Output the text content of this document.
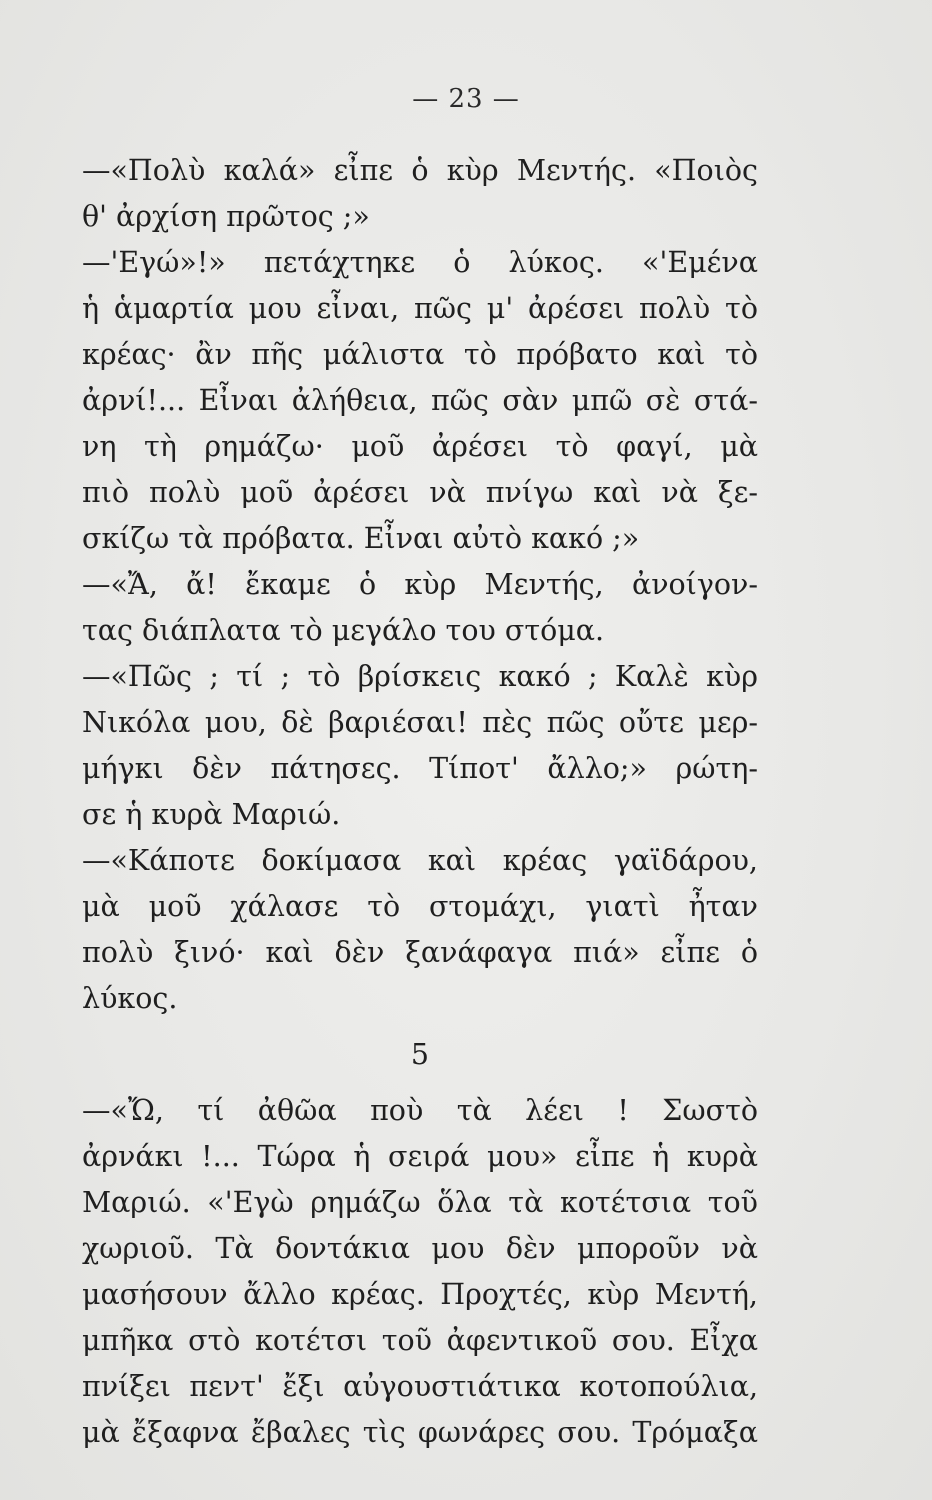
— 23 —
—«Πολὺ καλά» εἶπε ὁ κὺρ Μεντής. «Ποιὸς
θ' ἀρχίση πρῶτος ;»
—'Εγώ»!» πετάχτηκε ὁ λύκος. «'Εμένα
ἡ ἁμαρτία μου εἶναι, πῶς μ' ἀρέσει πολὺ τὸ
κρέας· ἂν πῆς μάλιστα τὸ πρόβατο καὶ τὸ
ἀρνί!... Εἶναι ἀλήθεια, πῶς σὰν μπῶ σὲ στά-
νη τὴ ρημάζω· μοῦ ἀρέσει τὸ φαγί, μὰ
πιὸ πολὺ μοῦ ἀρέσει νὰ πνίγω καὶ νὰ ξε-
σκίζω τὰ πρόβατα. Εἶναι αὐτὸ κακό ;»
—«Ἄ, ἄ! ἔκαμε ὁ κὺρ Μεντής, ἀνοίγον-
τας διάπλατα τὸ μεγάλο του στόμα.
—«Πῶς ; τί ; τὸ βρίσκεις κακό ; Καλὲ κὺρ
Νικόλα μου, δὲ βαριέσαι! πὲς πῶς οὔτε μερ-
μήγκι δὲν πάτησες. Τίποτ' ἄλλο;» ρώτη-
σε ἡ κυρὰ Μαριώ.
—«Κάποτε δοκίμασα καὶ κρέας γαϊδάρου,
μὰ μοῦ χάλασε τὸ στομάχι, γιατὶ ἦταν
πολὺ ξινό· καὶ δὲν ξανάφαγα πιά» εἶπε ὁ
λύκος.
5
—«Ὤ, τί ἀθῶα ποὺ τὰ λέει ! Σωστὸ
ἀρνάκι !... Τώρα ἡ σειρά μου» εἶπε ἡ κυρὰ
Μαριώ. «'Εγὼ ρημάζω ὅλα τὰ κοτέτσια τοῦ
χωριοῦ. Τὰ δοντάκια μου δὲν μποροῦν νὰ
μασήσουν ἄλλο κρέας. Προχτές, κὺρ Μεντή,
μπῆκα στὸ κοτέτσι τοῦ ἀφεντικοῦ σου. Εἶχα
πνίξει πεντ' ἔξι αὐγουστιάτικα κοτοπούλια,
μὰ ἔξαφνα ἔβαλες τὶς φωνάρες σου. Τρόμαξα
